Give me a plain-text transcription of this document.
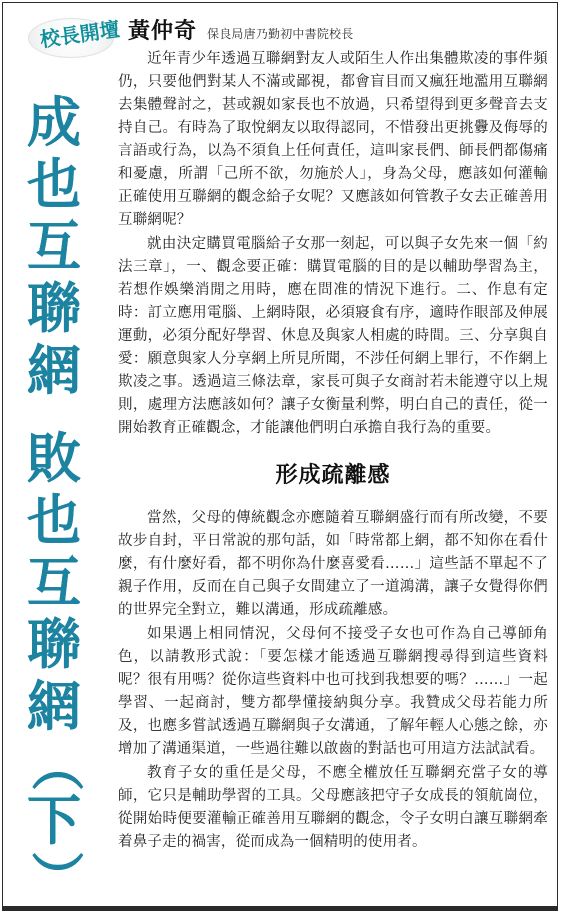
校長開壇 黃仲奇 保良局唐乃勤初中書院校長
成
也
互
聯
網
敗
也
互
聯
網
（
下
）

近年青少年透過互聯網對友人或陌生人作出集體欺凌的事件頻仍，只要他們對某人不滿或鄙視，都會盲目而又瘋狂地濫用互聯網去集體聲討之，甚或親如家長也不放過，只希望得到更多聲音去支持自己。有時為了取悅網友以取得認同，不惜發出更挑釁及侮辱的言語或行為，以為不須負上任何責任，這叫家長們、師長們都傷痛和憂慮，所謂「己所不欲，勿施於人」，身為父母，應該如何灌輸正確使用互聯網的觀念給子女呢？又應該如何管教子女去正確善用互聯網呢？

就由決定購買電腦給子女那一刻起，可以與子女先來一個「約法三章」，一、觀念要正確：購買電腦的目的是以輔助學習為主，若想作娛樂消閒之用時，應在問准的情況下進行。二、作息有定時：訂立應用電腦、上網時限，必須寢食有序，適時作眼部及伸展運動，必須分配好學習、休息及與家人相處的時間。三、分享與自愛：願意與家人分享網上所見所聞，不涉任何網上罪行，不作網上欺凌之事。透過這三條法章，家長可與子女商討若未能遵守以上規則，處理方法應該如何？讓子女衡量利弊，明白自己的責任，從一開始教育正確觀念，才能讓他們明白承擔自我行為的重要。

形成疏離感

當然，父母的傳統觀念亦應隨着互聯網盛行而有所改變，不要故步自封，平日常說的那句話，如「時常都上網，都不知你在看什麼，有什麼好看，都不明你為什麼喜愛看……」這些話不單起不了親子作用，反而在自己與子女間建立了一道鴻溝，讓子女覺得你們的世界完全對立，難以溝通，形成疏離感。

如果遇上相同情況，父母何不接受子女也可作為自己導師角色，以請教形式說：「要怎樣才能透過互聯網搜尋得到這些資料呢？很有用嗎？從你這些資料中也可找到我想要的嗎？……」一起學習、一起商討，雙方都學懂接納與分享。我贊成父母若能力所及，也應多嘗試透過互聯網與子女溝通，了解年輕人心態之餘，亦增加了溝通渠道，一些過往難以啟齒的對話也可用這方法試試看。

教育子女的重任是父母，不應全權放任互聯網充當子女的導師，它只是輔助學習的工具。父母應該把守子女成長的領航崗位，從開始時便要灌輸正確善用互聯網的觀念，令子女明白讓互聯網牽着鼻子走的禍害，從而成為一個精明的使用者。
